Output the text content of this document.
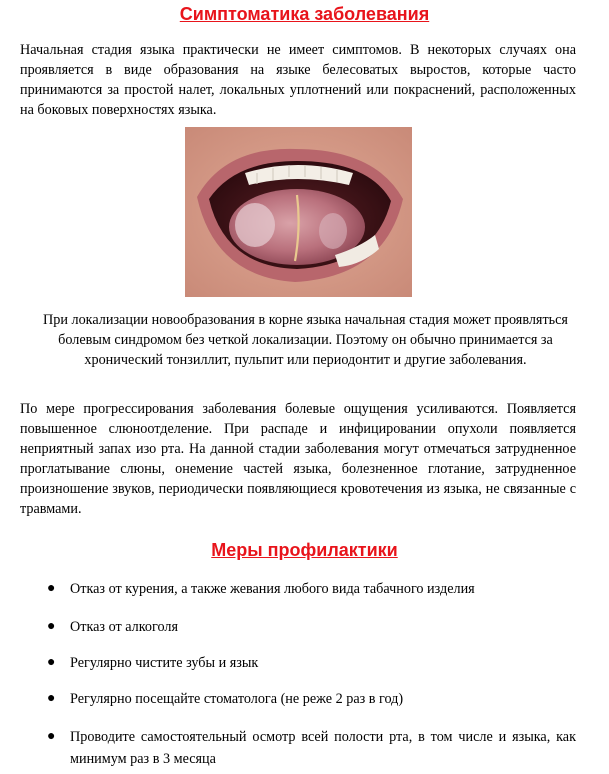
Симптоматика заболевания

Начальная стадия языка практически не имеет симптомов. В некоторых случаях она проявляется в виде образования на языке белесоватых выростов, которые часто принимаются за простой налет, локальных уплотнений или покраснений, расположенных на боковых поверхностях языка.

При локализации новообразования в корне языка начальная стадия может проявляться болевым синдромом без четкой локализации. Поэтому он обычно принимается за хронический тонзиллит, пульпит или периодонтит и другие заболевания.

По мере прогрессирования заболевания болевые ощущения усиливаются. Появляется повышенное слюноотделение. При распаде и инфицировании опухоли появляется неприятный запах изо рта. На данной стадии заболевания могут отмечаться затрудненное проглатывание слюны, онемение частей языка, болезненное глотание, затрудненное произношение звуков, периодически появляющиеся кровотечения из языка, не связанные с травмами.

Меры профилактики
● Отказ от курения, а также жевания любого вида табачного изделия
● Отказ от алкоголя
● Регулярно чистите зубы и язык
● Регулярно посещайте стоматолога (не реже 2 раз в год)
● Проводите самостоятельный осмотр всей полости рта, в том числе и языка, как минимум раз в 3 месяца
